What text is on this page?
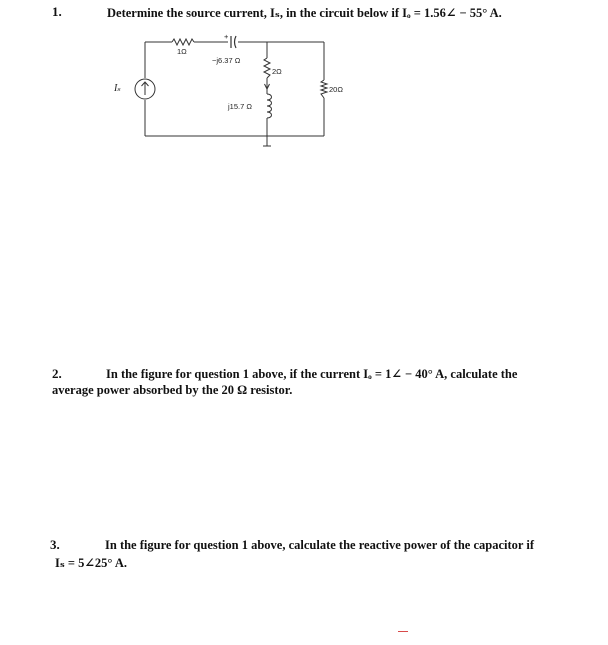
1.	Determine the source current, Iₛ, in the circuit below if Iₒ = 1.56∠ − 55° A.
Iₛ
1Ω
+
−j6.37 Ω
2Ω
j15.7 Ω
20Ω
2.	In the figure for question 1 above, if the current Iₒ = 1∠ − 40° A, calculate the
average power absorbed by the 20 Ω resistor.
3.	In the figure for question 1 above, calculate the reactive power of the capacitor if
Iₛ = 5∠25° A.
